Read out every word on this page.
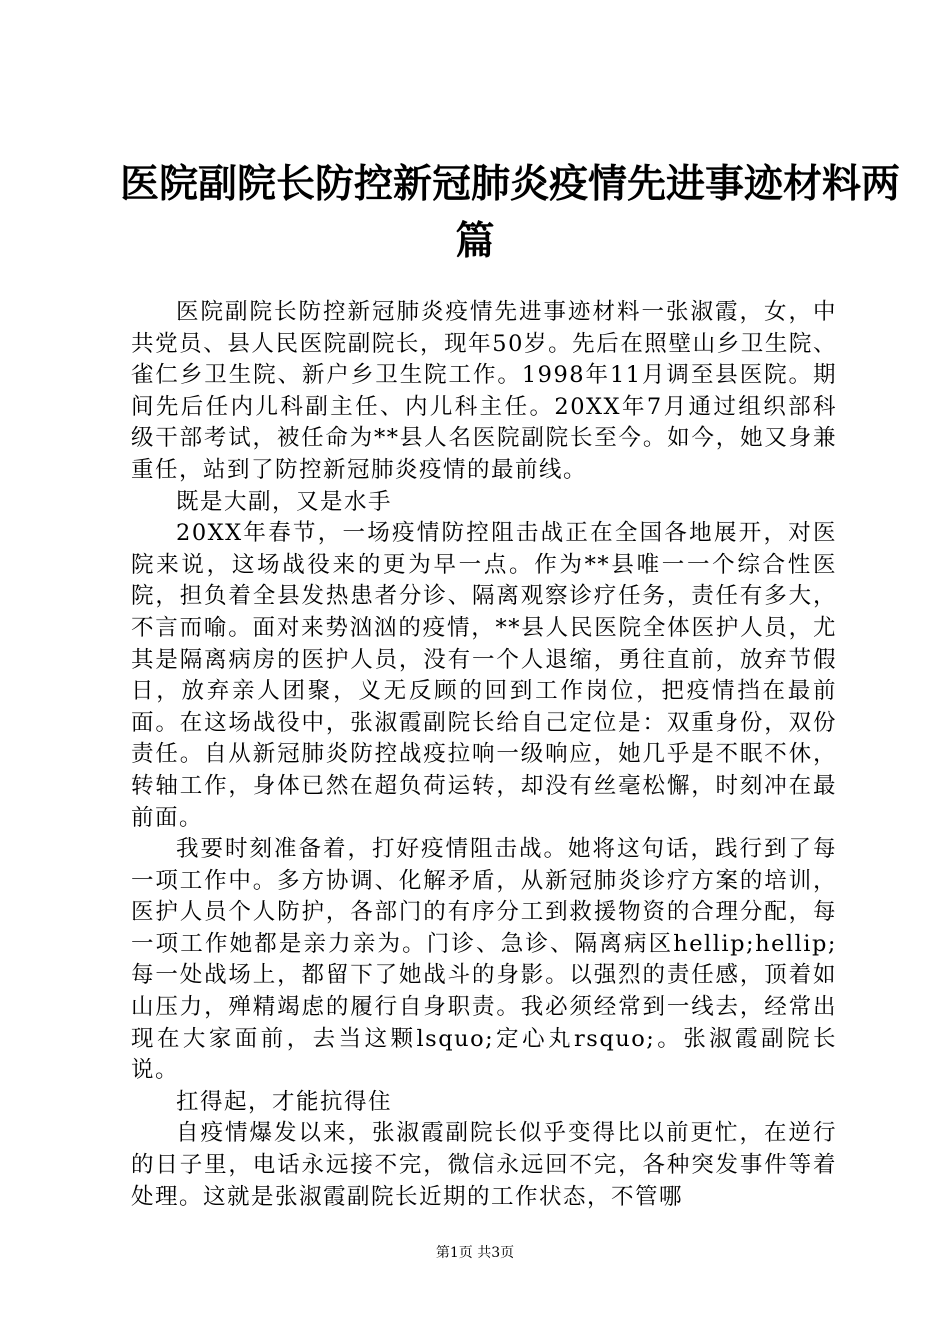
医院副院长防控新冠肺炎疫情先进事迹材料两
篇

医院副院长防控新冠肺炎疫情先进事迹材料一张淑霞，女，中共党员、县人民医院副院长，现年50岁。先后在照壁山乡卫生院、雀仁乡卫生院、新户乡卫生院工作。1998年11月调至县医院。期间先后任内儿科副主任、内儿科主任。20XX年7月通过组织部科级干部考试，被任命为**县人名医院副院长至今。如今，她又身兼重任，站到了防控新冠肺炎疫情的最前线。

既是大副，又是水手

20XX年春节，一场疫情防控阻击战正在全国各地展开，对医院来说，这场战役来的更为早一点。作为**县唯一一个综合性医院，担负着全县发热患者分诊、隔离观察诊疗任务，责任有多大，不言而喻。面对来势汹汹的疫情，**县人民医院全体医护人员，尤其是隔离病房的医护人员，没有一个人退缩，勇往直前，放弃节假日，放弃亲人团聚，义无反顾的回到工作岗位，把疫情挡在最前面。在这场战役中，张淑霞副院长给自己定位是：双重身份，双份责任。自从新冠肺炎防控战疫拉响一级响应，她几乎是不眠不休，转轴工作，身体已然在超负荷运转，却没有丝毫松懈，时刻冲在最前面。

我要时刻准备着，打好疫情阻击战。她将这句话，践行到了每一项工作中。多方协调、化解矛盾，从新冠肺炎诊疗方案的培训，医护人员个人防护，各部门的有序分工到救援物资的合理分配，每一项工作她都是亲力亲为。门诊、急诊、隔离病区hellip;hellip;每一处战场上，都留下了她战斗的身影。以强烈的责任感，顶着如山压力，殚精竭虑的履行自身职责。我必须经常到一线去，经常出现在大家面前，去当这颗lsquo;定心丸rsquo;。张淑霞副院长说。

扛得起，才能抗得住

自疫情爆发以来，张淑霞副院长似乎变得比以前更忙，在逆行的日子里，电话永远接不完，微信永远回不完，各种突发事件等着处理。这就是张淑霞副院长近期的工作状态，不管哪

第1页 共3页
